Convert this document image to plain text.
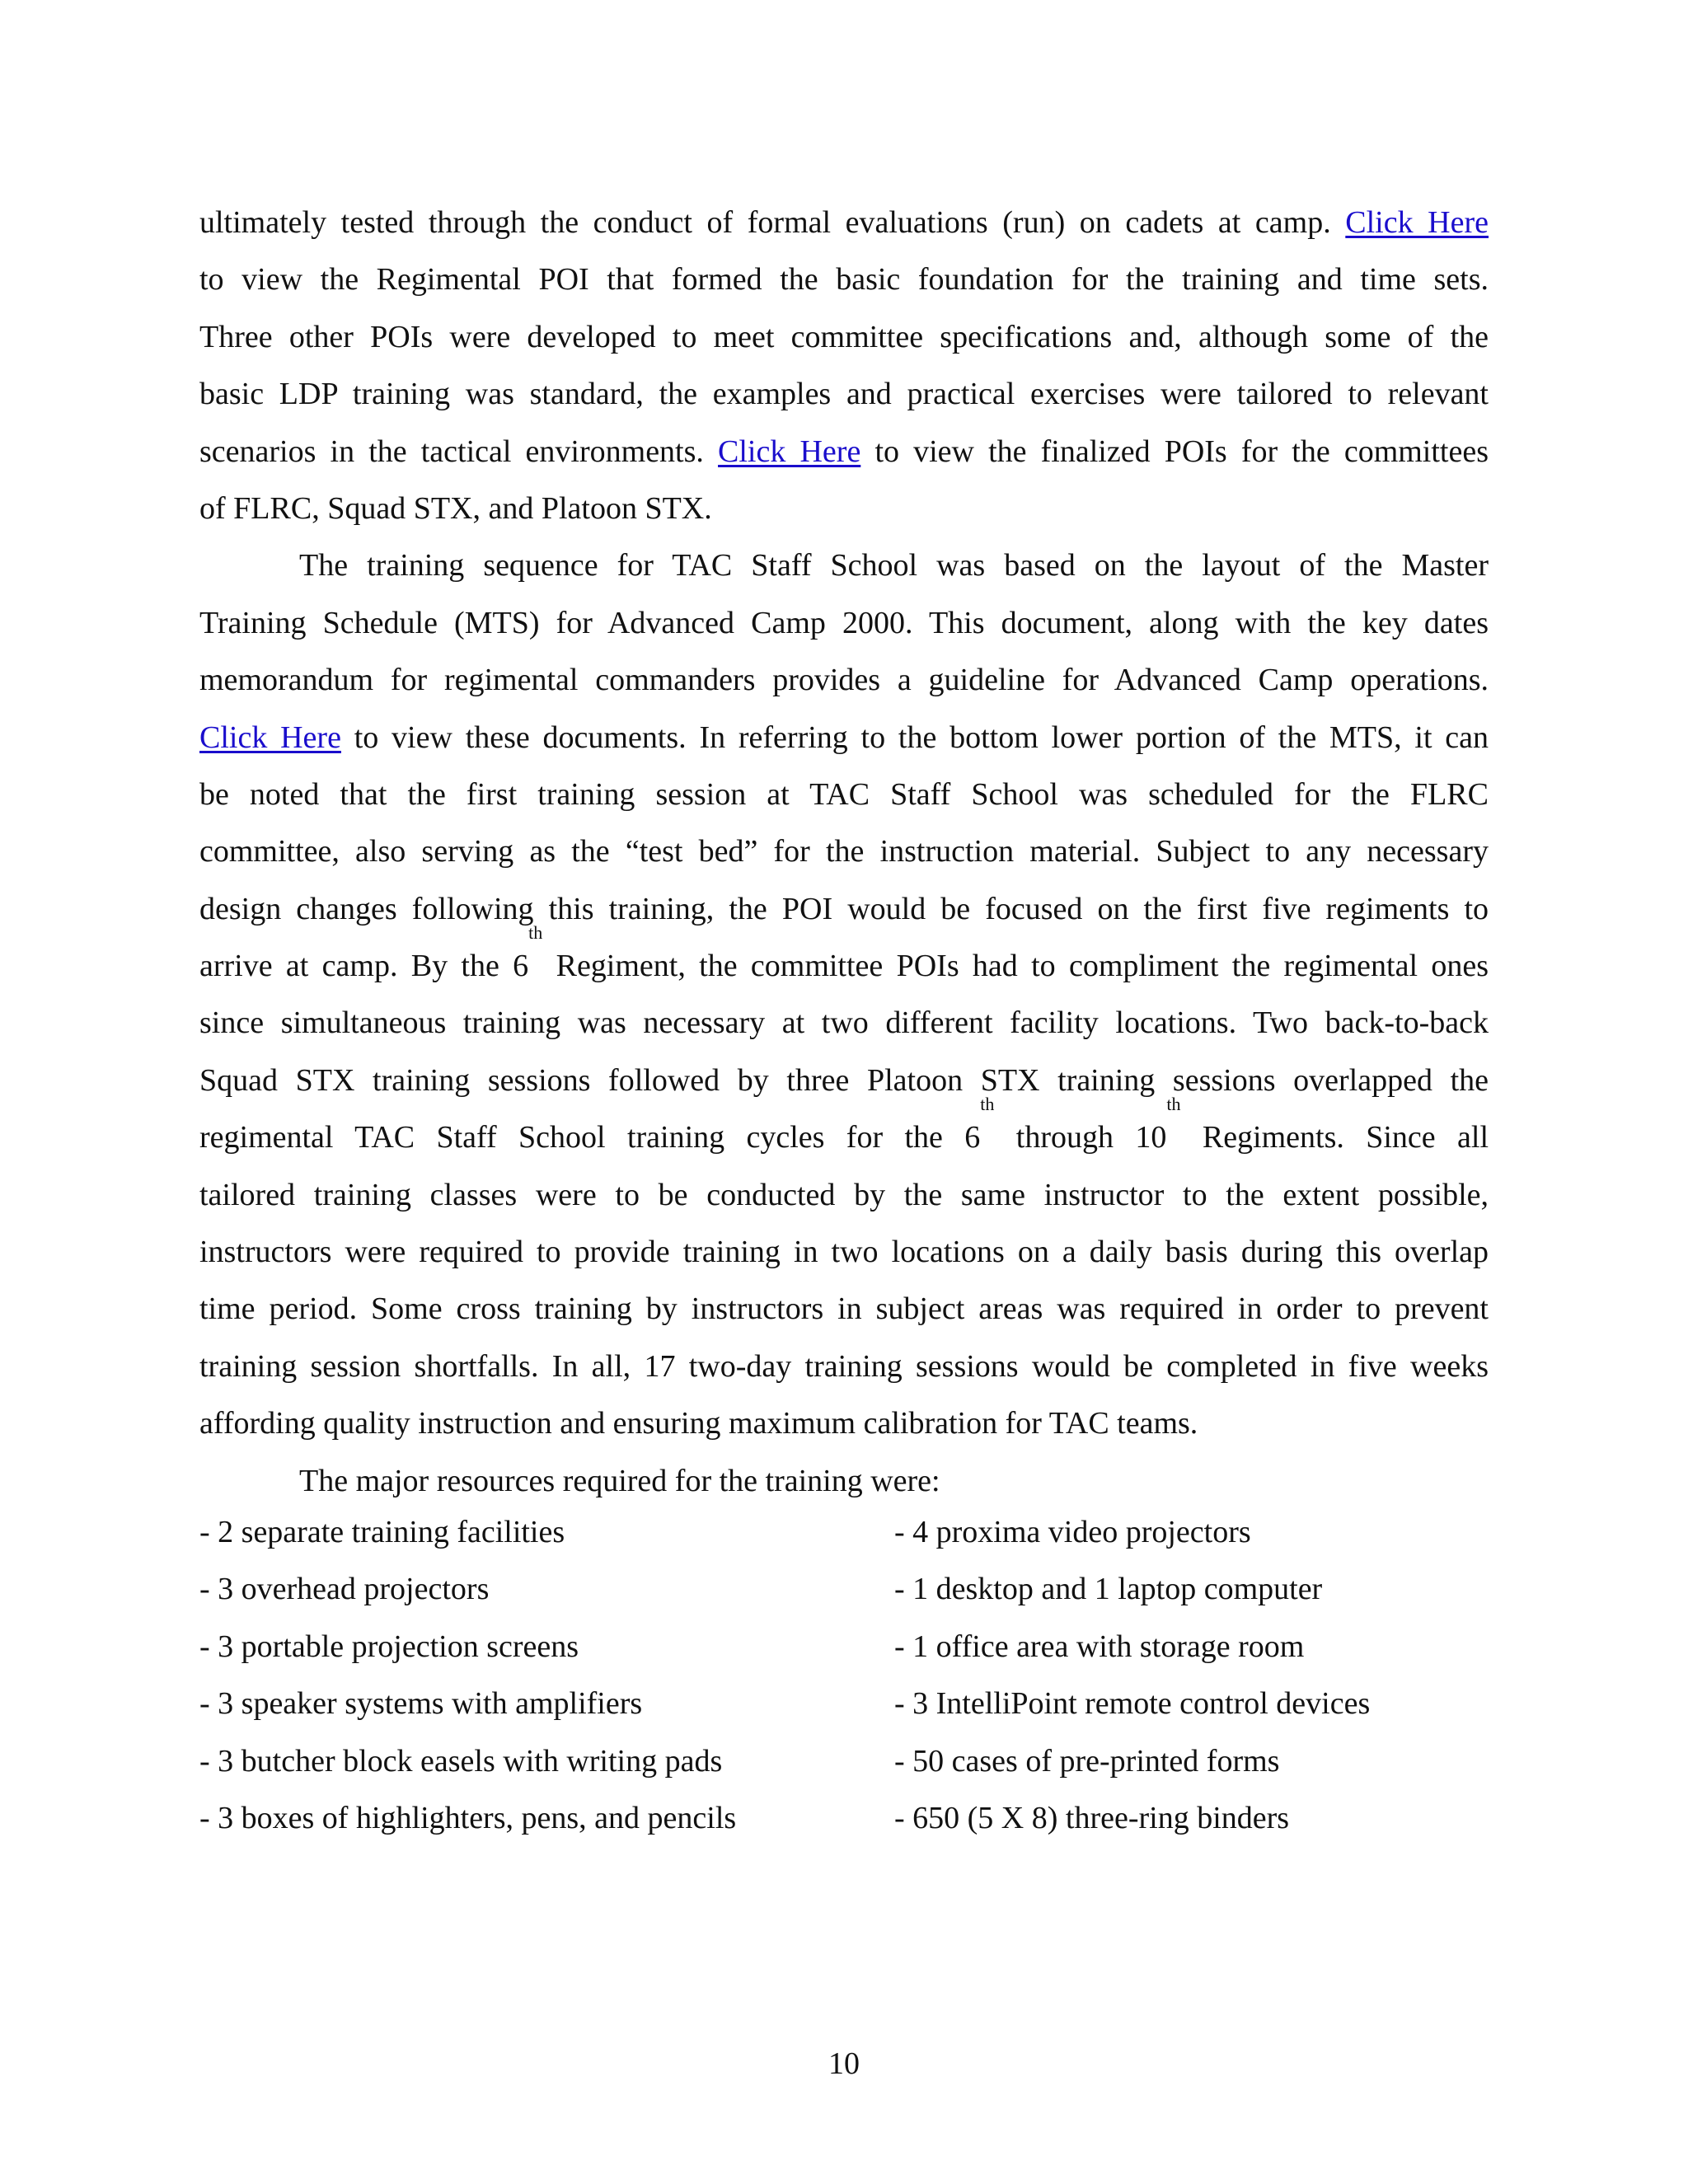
ultimately tested through the conduct of formal evaluations (run) on cadets at camp. Click Here
to view the Regimental POI that formed the basic foundation for the training and time sets.
Three other POIs were developed to meet committee specifications and, although some of the
basic LDP training was standard, the examples and practical exercises were tailored to relevant
scenarios in the tactical environments. Click Here to view the finalized POIs for the committees
of FLRC, Squad STX, and Platoon STX.
The training sequence for TAC Staff School was based on the layout of the Master
Training Schedule (MTS) for Advanced Camp 2000. This document, along with the key dates
memorandum for regimental commanders provides a guideline for Advanced Camp operations.
Click Here to view these documents. In referring to the bottom lower portion of the MTS, it can
be noted that the first training session at TAC Staff School was scheduled for the FLRC
committee, also serving as the “test bed” for the instruction material. Subject to any necessary
design changes following this training, the POI would be focused on the first five regiments to
arrive at camp. By the 6th Regiment, the committee POIs had to compliment the regimental ones
since simultaneous training was necessary at two different facility locations. Two back-to-back
Squad STX training sessions followed by three Platoon STX training sessions overlapped the
regimental TAC Staff School training cycles for the 6th through 10th Regiments. Since all
tailored training classes were to be conducted by the same instructor to the extent possible,
instructors were required to provide training in two locations on a daily basis during this overlap
time period. Some cross training by instructors in subject areas was required in order to prevent
training session shortfalls. In all, 17 two-day training sessions would be completed in five weeks
affording quality instruction and ensuring maximum calibration for TAC teams.
The major resources required for the training were:
- 2 separate training facilities	- 4 proxima video projectors
- 3 overhead projectors	- 1 desktop and 1 laptop computer
- 3 portable projection screens	- 1 office area with storage room
- 3 speaker systems with amplifiers	- 3 IntelliPoint remote control devices
- 3 butcher block easels with writing pads	- 50 cases of pre-printed forms
- 3 boxes of highlighters, pens, and pencils	- 650 (5 X 8) three-ring binders
10
